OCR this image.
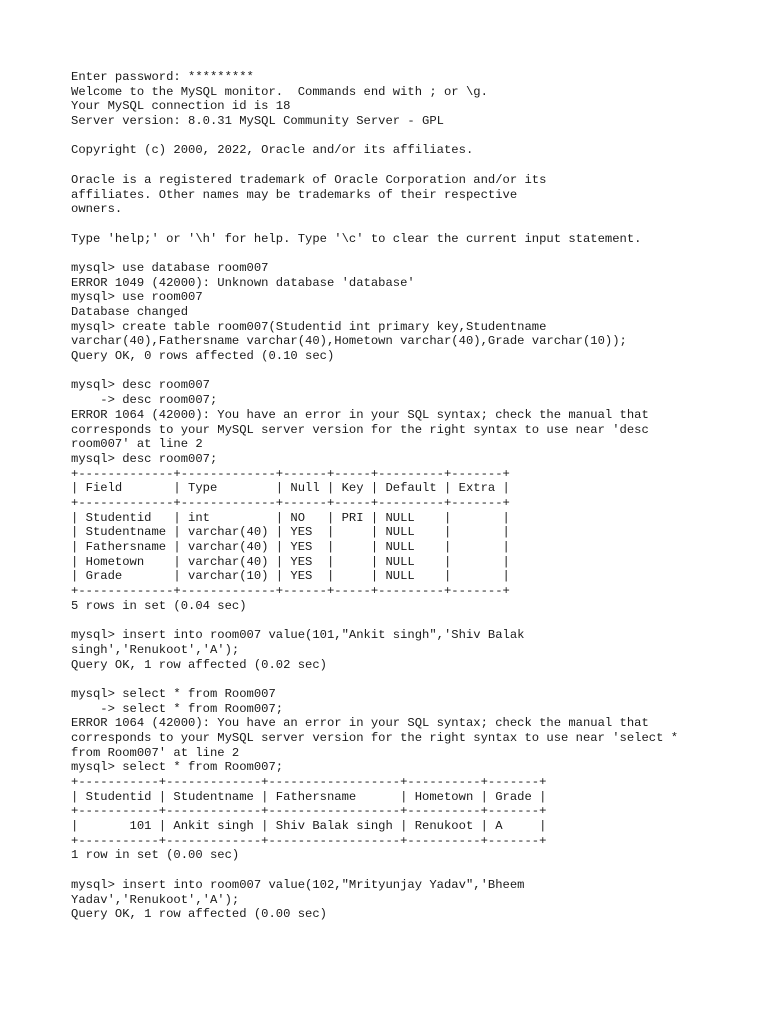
Enter password: *********
Welcome to the MySQL monitor.  Commands end with ; or \g.
Your MySQL connection id is 18
Server version: 8.0.31 MySQL Community Server - GPL
Copyright (c) 2000, 2022, Oracle and/or its affiliates.
Oracle is a registered trademark of Oracle Corporation and/or its
affiliates. Other names may be trademarks of their respective
owners.
Type 'help;' or '\h' for help. Type '\c' to clear the current input statement.
mysql> use database room007
ERROR 1049 (42000): Unknown database 'database'
mysql> use room007
Database changed
mysql> create table room007(Studentid int primary key,Studentname
varchar(40),Fathersname varchar(40),Hometown varchar(40),Grade varchar(10));
Query OK, 0 rows affected (0.10 sec)
mysql> desc room007
-> desc room007;
ERROR 1064 (42000): You have an error in your SQL syntax; check the manual that
corresponds to your MySQL server version for the right syntax to use near 'desc
room007' at line 2
mysql> desc room007;
+-------------+-------------+------+-----+---------+-------+
| Field       | Type        | Null | Key | Default | Extra |
+-------------+-------------+------+-----+---------+-------+
| Studentid   | int         | NO   | PRI | NULL    |       |
| Studentname | varchar(40) | YES  |     | NULL    |       |
| Fathersname | varchar(40) | YES  |     | NULL    |       |
| Hometown    | varchar(40) | YES  |     | NULL    |       |
| Grade       | varchar(10) | YES  |     | NULL    |       |
+-------------+-------------+------+-----+---------+-------+
5 rows in set (0.04 sec)
mysql> insert into room007 value(101,"Ankit singh",'Shiv Balak
singh','Renukoot','A');
Query OK, 1 row affected (0.02 sec)
mysql> select * from Room007
-> select * from Room007;
ERROR 1064 (42000): You have an error in your SQL syntax; check the manual that
corresponds to your MySQL server version for the right syntax to use near 'select *
from Room007' at line 2
mysql> select * from Room007;
+-----------+-------------+------------------+----------+-------+
| Studentid | Studentname | Fathersname      | Hometown | Grade |
+-----------+-------------+------------------+----------+-------+
|       101 | Ankit singh | Shiv Balak singh | Renukoot | A     |
+-----------+-------------+------------------+----------+-------+
1 row in set (0.00 sec)
mysql> insert into room007 value(102,"Mrityunjay Yadav",'Bheem
Yadav','Renukoot','A');
Query OK, 1 row affected (0.00 sec)
